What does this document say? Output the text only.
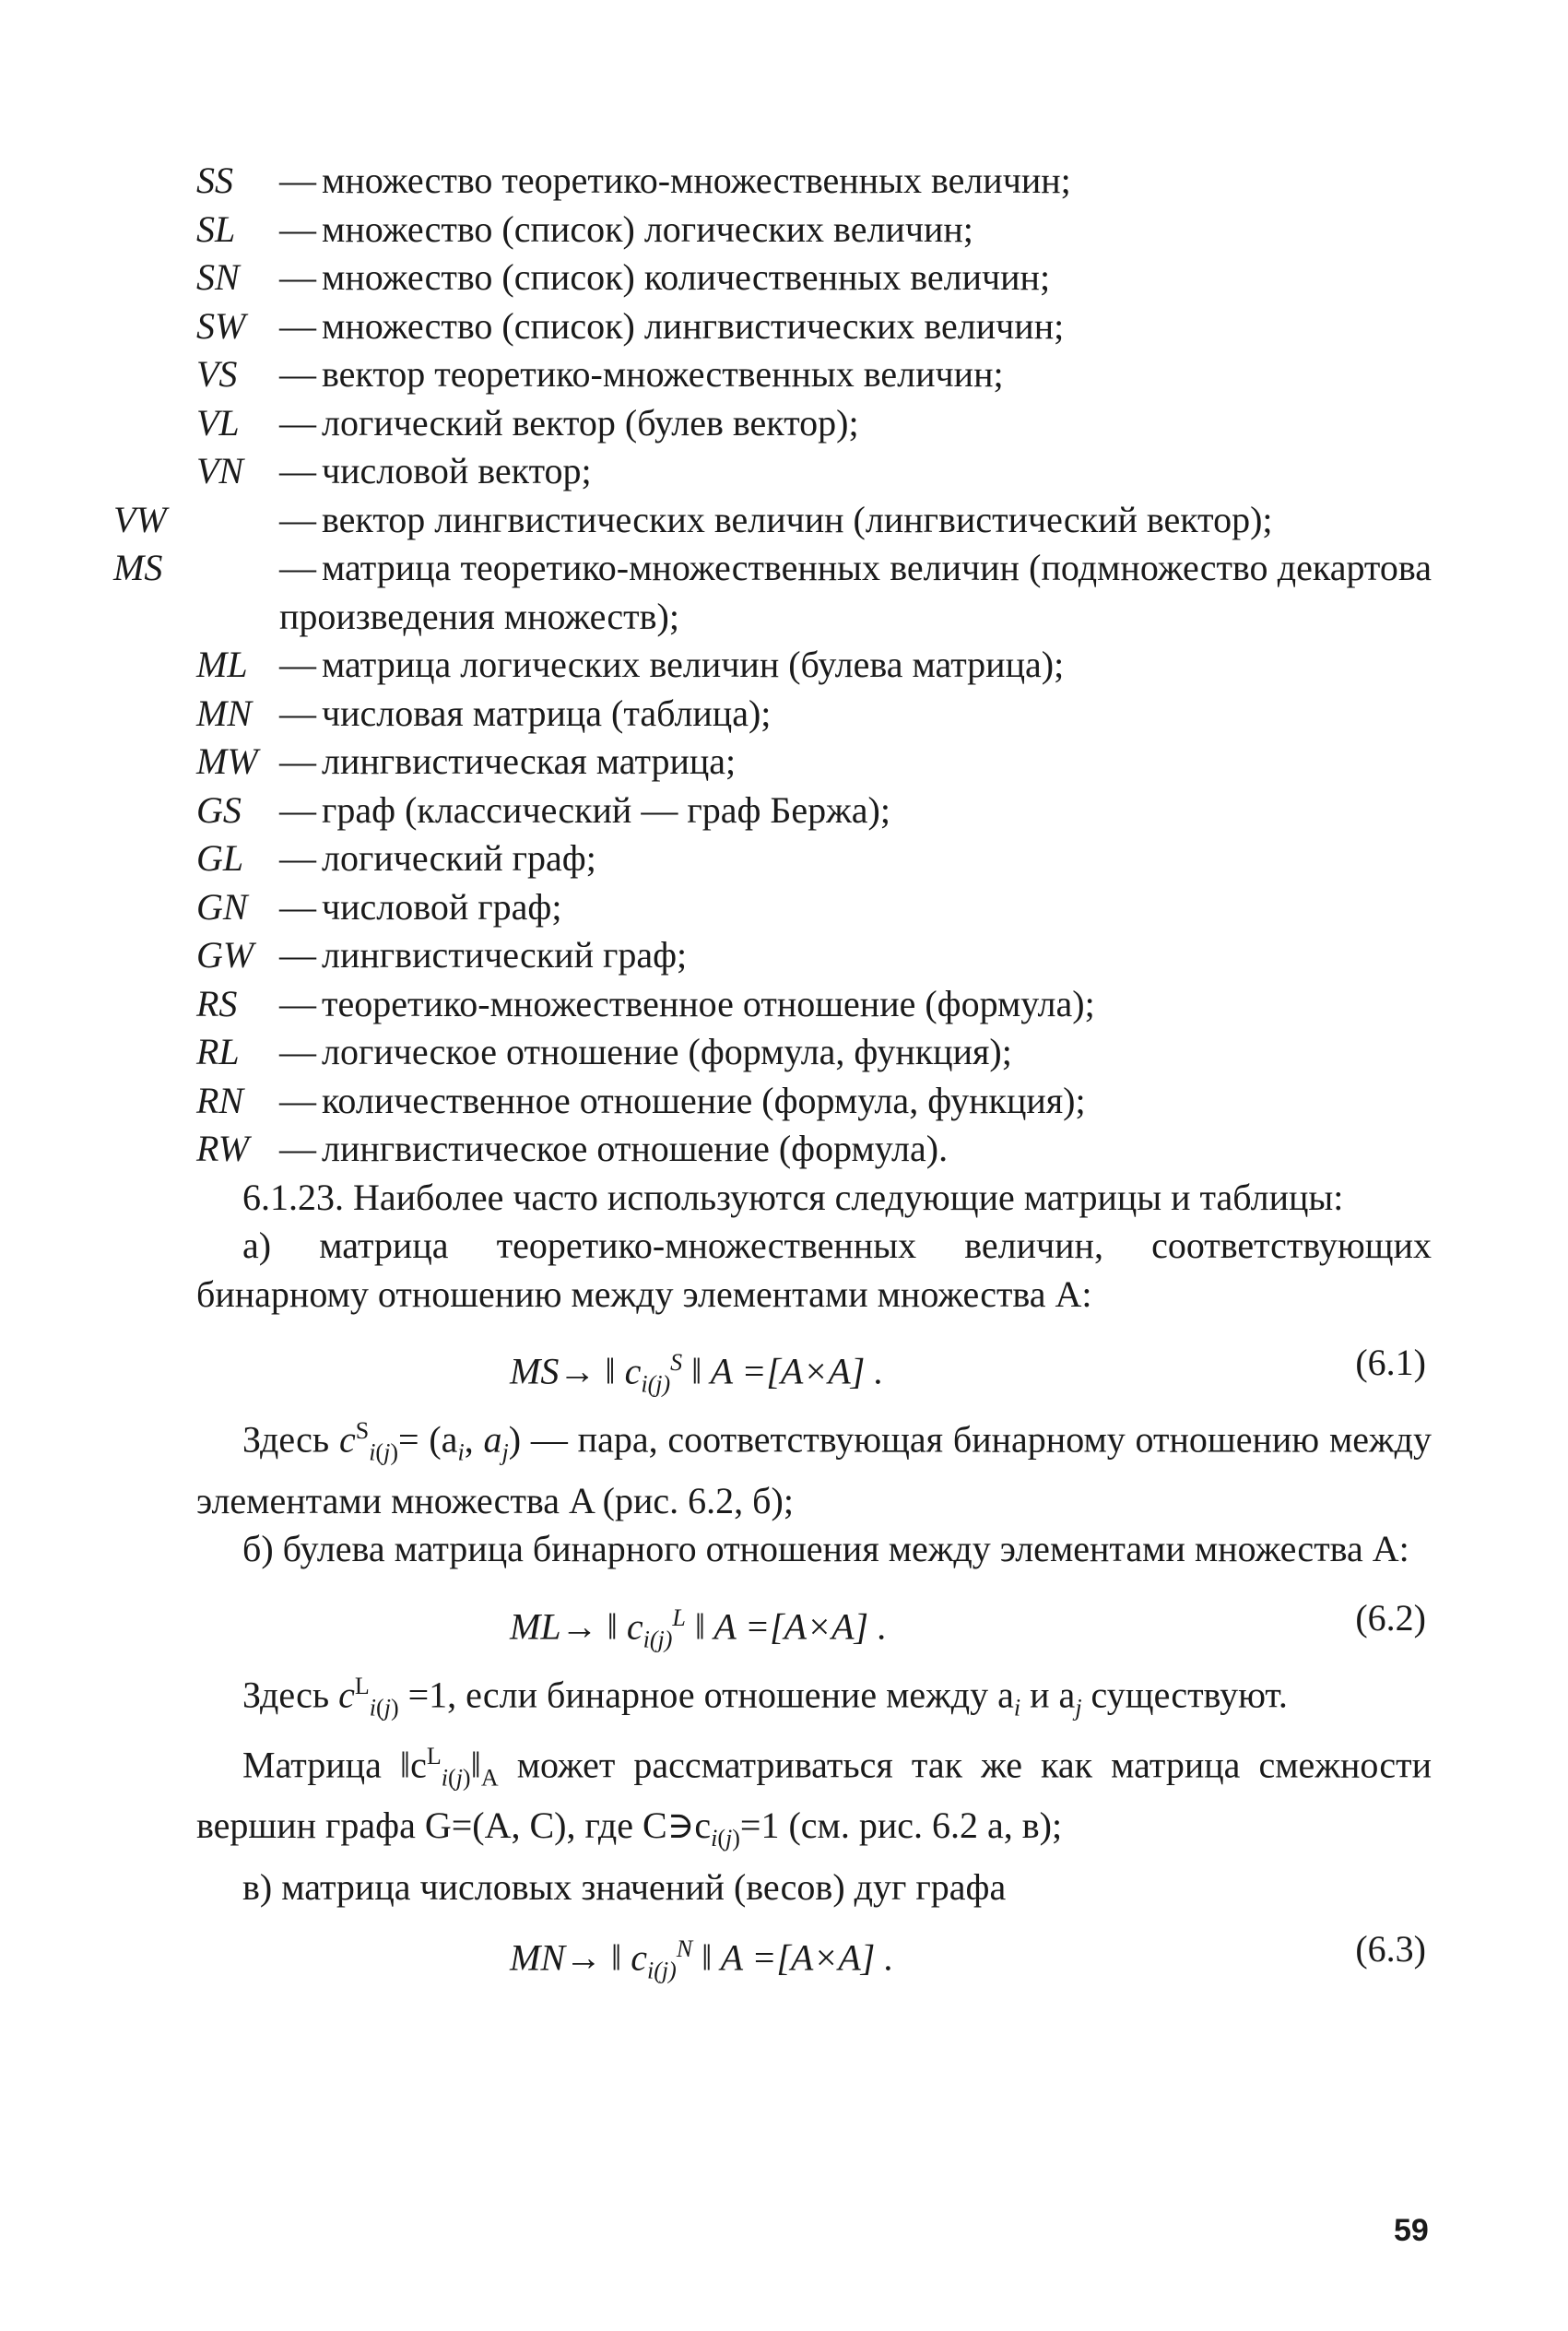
SS — множество теоретико-множественных величин;
SL — множество (список) логических величин;
SN — множество (список) количественных величин;
SW — множество (список) лингвистических величин;
VS — вектор теоретико-множественных величин;
VL — логический вектор (булев вектор);
VN — числовой вектор;
VW	— вектор лингвистических величин (лингвистический вектор);
MS	— матрица теоретико-множественных величин (подмножество декартова произведения множеств);
ML — матрица логических величин (булева матрица);
MN — числовая матрица (таблица);
MW — лингвистическая матрица;
GS — граф (классический — граф Бержа);
GL — логический граф;
GN — числовой граф;
GW — лингвистический граф;
RS — теоретико-множественное отношение (формула);
RL — логическое отношение (формула, функция);
RN — количественное отношение (формула, функция);
RW — лингвистическое отношение (формула).

6.1.23. Наиболее часто используются следующие матрицы и таблицы:

а) матрица теоретико-множественных величин, соответствующих бинарному отношению между элементами множества A:

MS→ ‖ $c_{i(j)}^S$ ‖ A =[A×A] .	(6.1)

Здесь $c^S_{i(j)}= (a_i$, $a_j$) — пара, соответствующая бинарному отношению между элементами множества A (рис. 6.2, б);

б) булева матрица бинарного отношения между элементами множества A:

ML→ ‖ $c_{i(j)}^L$ ‖ A =[A×A] .	(6.2)

Здесь $c^L_{i(j)} =1$, если бинарное отношение между $a_i$ и $a_j$ существуют.

Матрица $‖c^L_{i(j)}‖_A$ может рассматриваться так же как матрица смежности вершин графа G=(A, C), где $C∋c_{i(j)}=1$ (см. рис. 6.2 а, в);

в) матрица числовых значений (весов) дуг графа

MN→ ‖ $c_{i(j)}^N$ ‖ A =[A×A] .	(6.3)
59
